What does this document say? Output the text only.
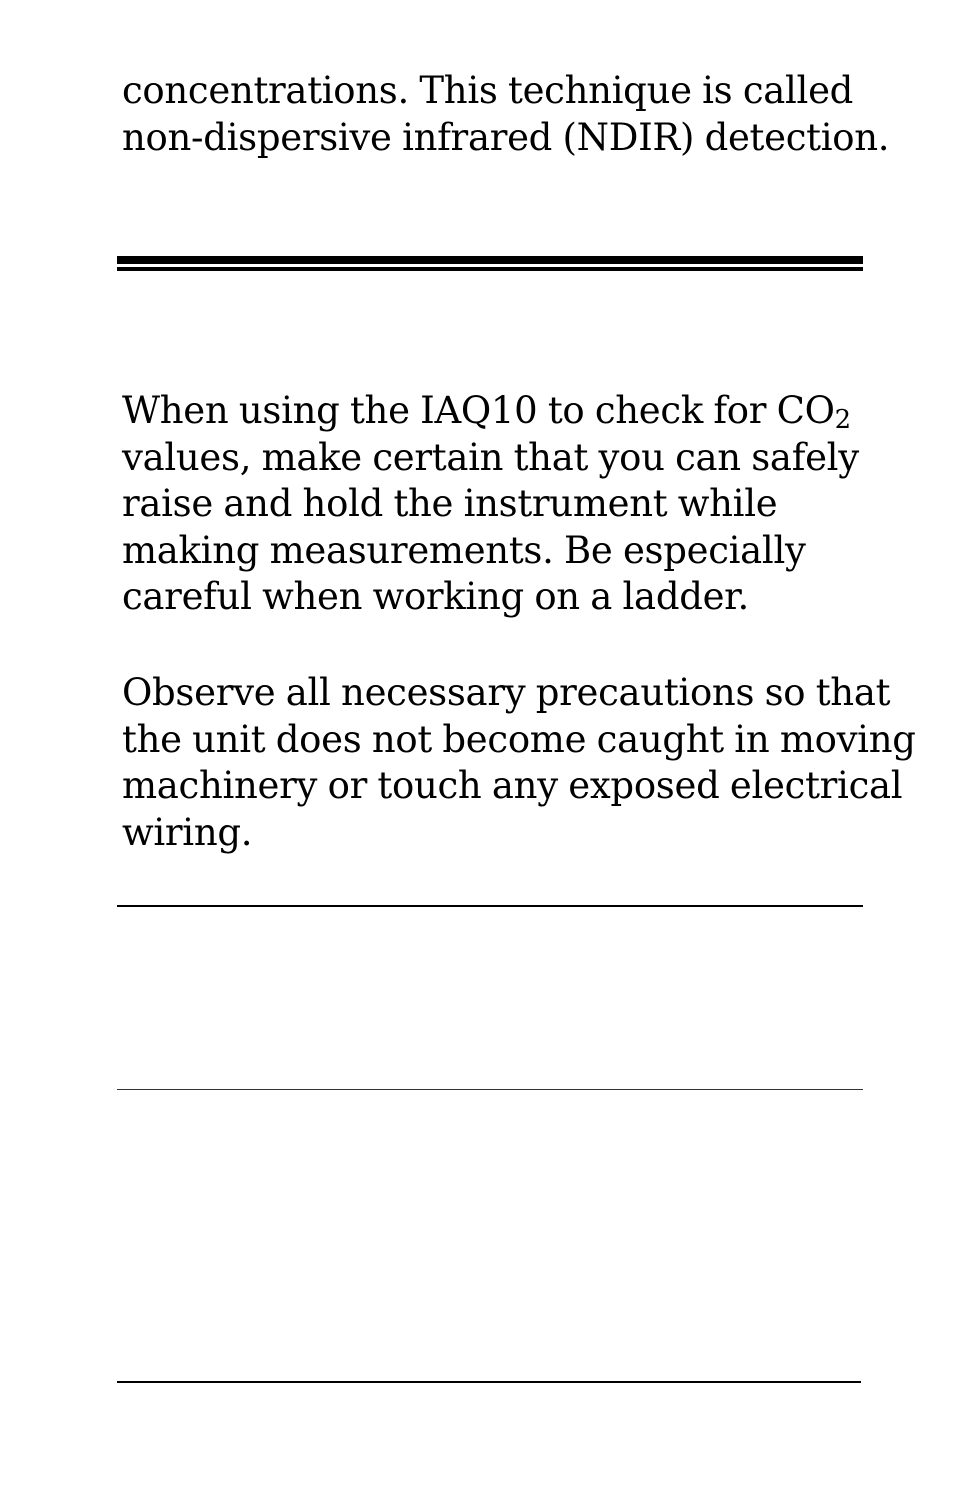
concentrations. This technique is called
non-dispersive infrared (NDIR) detection.

When using the IAQ10 to check for $CO_2$
values, make certain that you can safely
raise and hold the instrument while
making measurements. Be especially
careful when working on a ladder.

Observe all necessary precautions so that
the unit does not become caught in moving
machinery or touch any exposed electrical
wiring.
